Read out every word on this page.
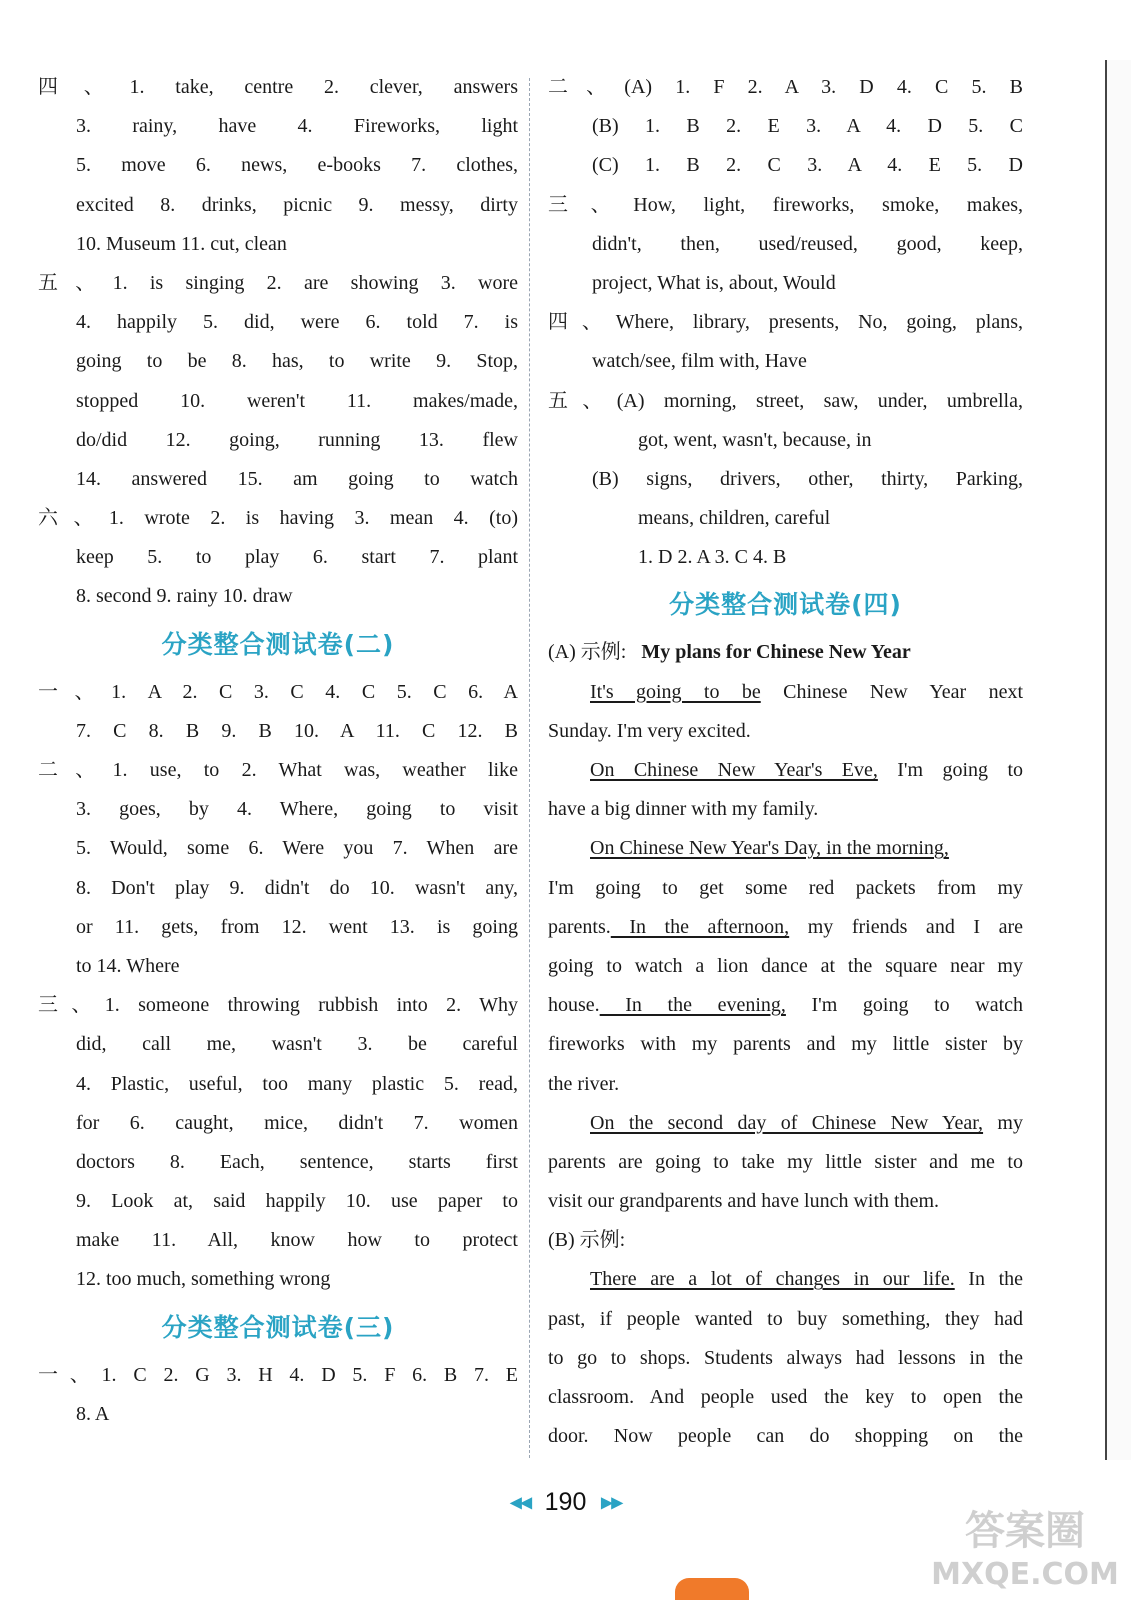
四、1. take, centre 2. clever, answers
3. rainy, have 4. Fireworks, light
5. move 6. news, e-books 7. clothes,
excited 8. drinks, picnic 9. messy, dirty
10. Museum 11. cut, clean
五、1. is singing 2. are showing 3. wore
4. happily 5. did, were 6. told 7. is
going to be 8. has, to write 9. Stop,
stopped 10. weren't 11. makes/made,
do/did 12. going, running 13. flew
14. answered 15. am going to watch
六、1. wrote 2. is having 3. mean 4. (to)
keep 5. to play 6. start 7. plant
8. second 9. rainy 10. draw
分类整合测试卷(二)
一、1. A 2. C 3. C 4. C 5. C 6. A
7. C 8. B 9. B 10. A 11. C 12. B
二、1. use, to 2. What was, weather like
3. goes, by 4. Where, going to visit
5. Would, some 6. Were you 7. When are
8. Don't play 9. didn't do 10. wasn't any,
or 11. gets, from 12. went 13. is going
to 14. Where
三、1. someone throwing rubbish into 2. Why
did, call me, wasn't 3. be careful
4. Plastic, useful, too many plastic 5. read,
for 6. caught, mice, didn't 7. women
doctors 8. Each, sentence, starts first
9. Look at, said happily 10. use paper to
make 11. All, know how to protect
12. too much, something wrong
分类整合测试卷(三)
一、1. C 2. G 3. H 4. D 5. F 6. B 7. E
8. A
二、(A) 1. F 2. A 3. D 4. C 5. B
(B) 1. B 2. E 3. A 4. D 5. C
(C) 1. B 2. C 3. A 4. E 5. D
三、How, light, fireworks, smoke, makes,
didn't, then, used/reused, good, keep,
project, What is, about, Would
四、Where, library, presents, No, going, plans,
watch/see, film with, Have
五、(A) morning, street, saw, under, umbrella,
got, went, wasn't, because, in
(B) signs, drivers, other, thirty, Parking,
means, children, careful
1. D 2. A 3. C 4. B
分类整合测试卷(四)
(A) 示例: My plans for Chinese New Year
It's going to be Chinese New Year next
Sunday. I'm very excited.
On Chinese New Year's Eve, I'm going to
have a big dinner with my family.
On Chinese New Year's Day, in the morning,
I'm going to get some red packets from my
parents. In the afternoon, my friends and I are
going to watch a lion dance at the square near my
house. In the evening, I'm going to watch
fireworks with my parents and my little sister by
the river.
On the second day of Chinese New Year, my
parents are going to take my little sister and me to
visit our grandparents and have lunch with them.
(B) 示例:
There are a lot of changes in our life. In the
past, if people wanted to buy something, they had
to go to shops. Students always had lessons in the
classroom. And people used the key to open the
door. Now people can do shopping on the
◀◀ 190 ▶▶
答案圈
MXQE.COM
